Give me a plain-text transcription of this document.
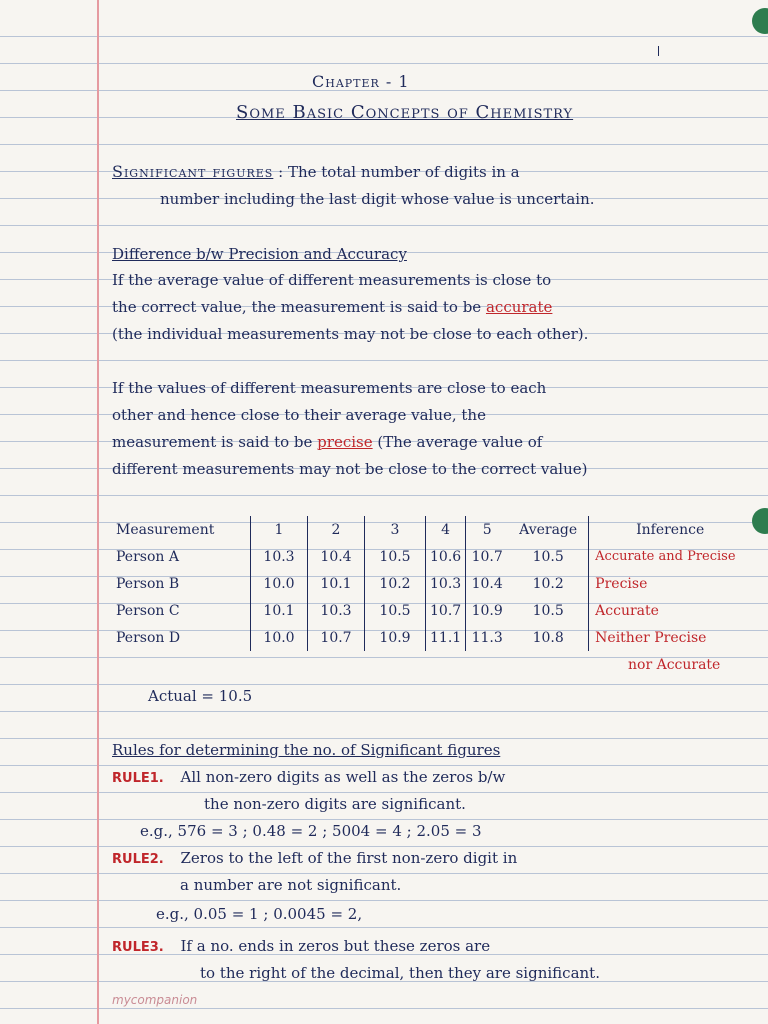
Chapter - 1
Some Basic Concepts of Chemistry
Significant figures : The total number of digits in a
number including the last digit whose value is uncertain.
Difference b/w Precision and Accuracy
If the average value of different measurements is close to
the correct value, the measurement is said to be accurate
(the individual measurements may not be close to each other).
If the values of different measurements are close to each
other and hence close to their average value, the
measurement is said to be precise (The average value of
different measurements may not be close to the correct value)
Measurement	1	2	3	4	5	Average	Inference
Person A	10.3	10.4	10.5	10.6	10.7	10.5	Accurate and Precise
Person B	10.0	10.1	10.2	10.3	10.4	10.2	Precise
Person C	10.1	10.3	10.5	10.7	10.9	10.5	Accurate
Person D	10.0	10.7	10.9	11.1	11.3	10.8	Neither Precise
nor Accurate
Actual = 10.5
Rules for determining the no. of Significant figures
RULE1. All non-zero digits as well as the zeros b/w
the non-zero digits are significant.
e.g., 576 = 3 ; 0.48 = 2 ; 5004 = 4 ; 2.05 = 3
RULE2. Zeros to the left of the first non-zero digit in
a number are not significant.
e.g., 0.05 = 1 ; 0.0045 = 2,
RULE3. If a no. ends in zeros but these zeros are
to the right of the decimal, then they are significant.
mycompanion
